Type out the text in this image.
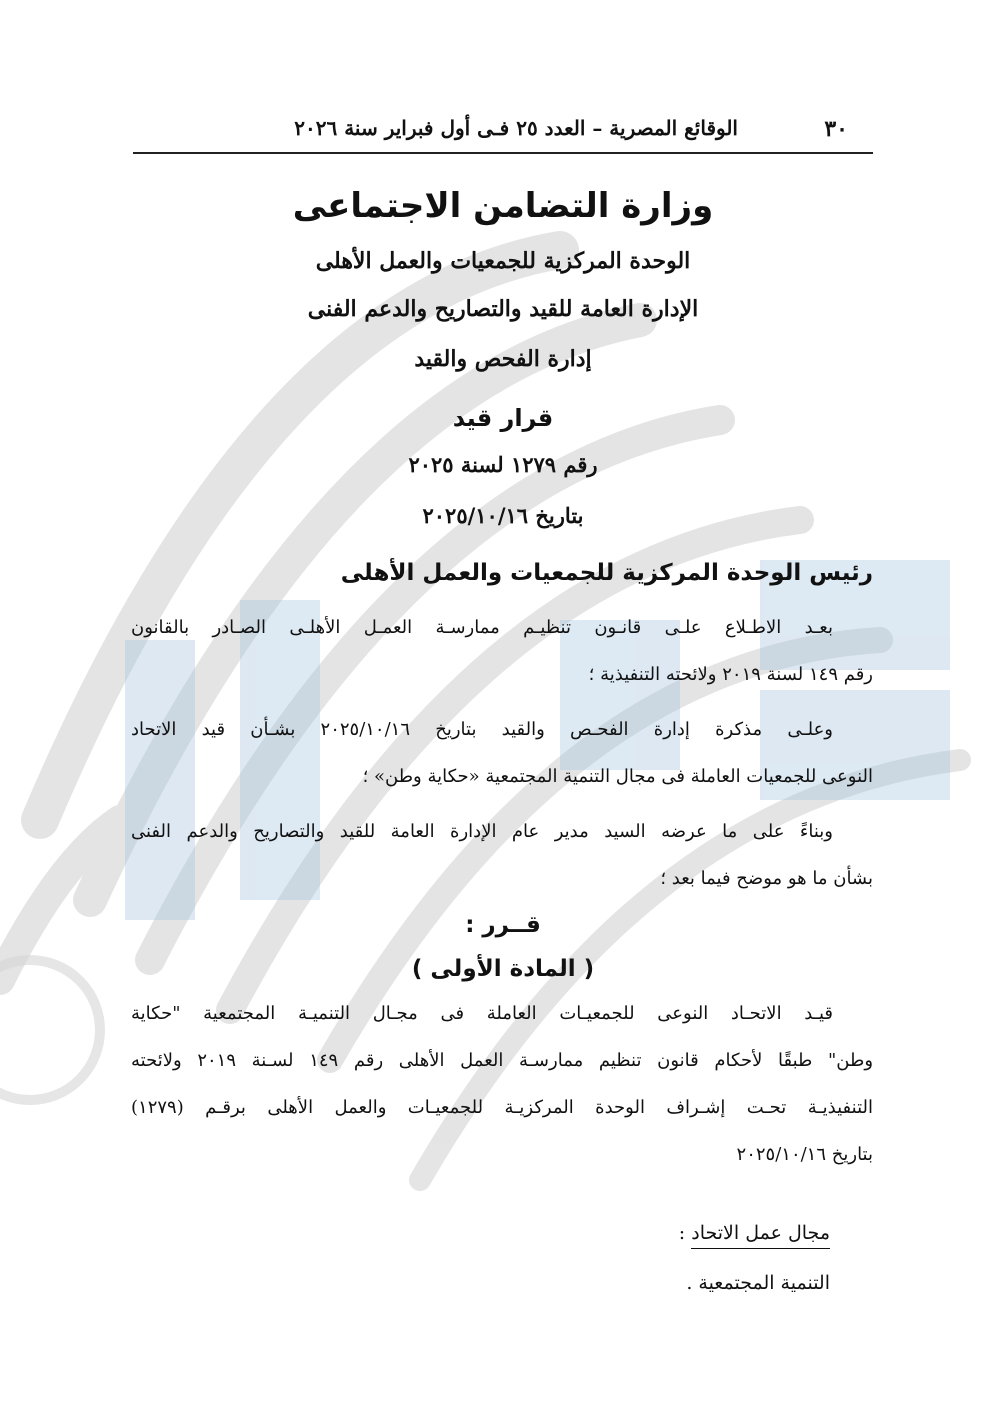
٣٠
الوقائع المصرية – العدد ٢٥ فـى أول فبراير سنة ٢٠٢٦
وزارة التضامن الاجتماعى
الوحدة المركزية للجمعيات والعمل الأهلى
الإدارة العامة للقيد والتصاريح والدعم الفنى
إدارة الفحص والقيد
قرار قيد
رقم ١٢٧٩ لسنة ٢٠٢٥
بتاريخ ٢٠٢٥/١٠/١٦
رئيس الوحدة المركزية للجمعيات والعمل الأهلى
بعـد الاطـلاع علـى قانـون تنظيـم ممارسـة العمـل الأهلـى الصـادر بالقانون
رقم ١٤٩ لسنة ٢٠١٩ ولائحته التنفيذية ؛
وعلـى مذكرة إدارة الفحـص والقيد بتاريخ ٢٠٢٥/١٠/١٦ بشـأن قيد الاتحاد
النوعى للجمعيات العاملة فى مجال التنمية المجتمعية «حكاية وطن» ؛
وبناءً على ما عرضه السيد مدير عام الإدارة العامة للقيد والتصاريح والدعم الفنى
بشأن ما هو موضح فيما بعد ؛
قــرر :
( المادة الأولى )
قيـد الاتحـاد النوعى للجمعيـات العاملة فى مجـال التنميـة المجتمعية "حكاية
وطن" طبقًا لأحكام قانون تنظيم ممارسـة العمل الأهلى رقم ١٤٩ لسـنة ٢٠١٩ ولائحته
التنفيذيـة تحـت إشـراف الوحدة المركزيـة للجمعيـات والعمل الأهلى برقـم (١٢٧٩)
بتاريخ ٢٠٢٥/١٠/١٦
مجال عمل الاتحاد :
التنمية المجتمعية .
